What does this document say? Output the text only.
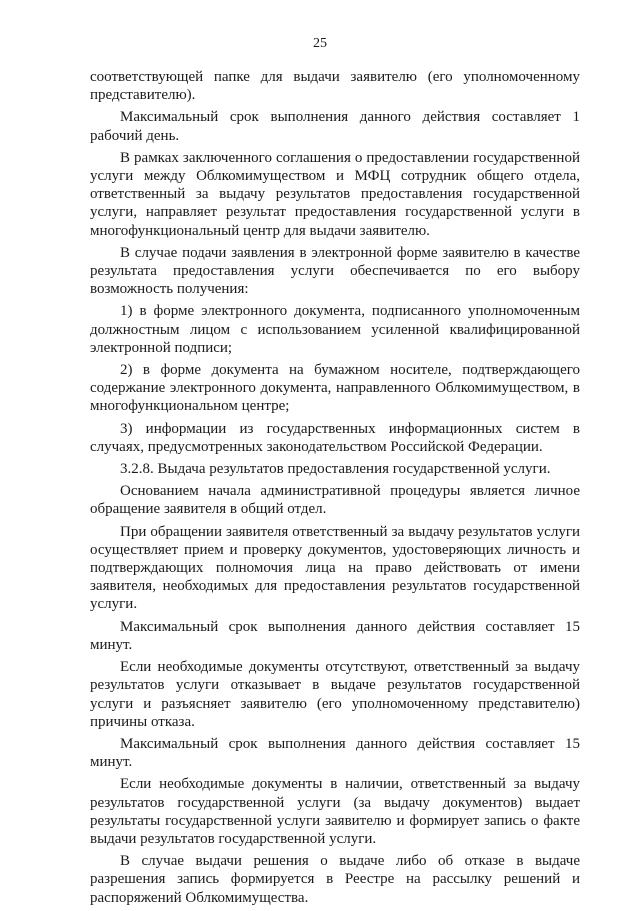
25

соответствующей папке для выдачи заявителю (его уполномоченному представителю).

Максимальный срок выполнения данного действия составляет 1 рабочий день.

В рамках заключенного соглашения о предоставлении государственной услуги между Облкомимуществом и МФЦ сотрудник общего отдела, ответственный за выдачу результатов предоставления государственной услуги, направляет результат предоставления государственной услуги в многофункциональный центр для выдачи заявителю.

В случае подачи заявления в электронной форме заявителю в качестве результата предоставления услуги обеспечивается по его выбору возможность получения:

1) в форме электронного документа, подписанного уполномоченным должностным лицом с использованием усиленной квалифицированной электронной подписи;

2) в форме документа на бумажном носителе, подтверждающего содержание электронного документа, направленного Облкомимуществом, в многофункциональном центре;

3) информации из государственных информационных систем в случаях, предусмотренных законодательством Российской Федерации.

3.2.8. Выдача результатов предоставления государственной услуги.

Основанием начала административной процедуры является личное обращение заявителя в общий отдел.

При обращении заявителя ответственный за выдачу результатов услуги осуществляет прием и проверку документов, удостоверяющих личность и подтверждающих полномочия лица на право действовать от имени заявителя, необходимых для предоставления результатов государственной услуги.

Максимальный срок выполнения данного действия составляет 15 минут.

Если необходимые документы отсутствуют, ответственный за выдачу результатов услуги отказывает в выдаче результатов государственной услуги и разъясняет заявителю (его уполномоченному представителю) причины отказа.

Максимальный срок выполнения данного действия составляет 15 минут.

Если необходимые документы в наличии, ответственный за выдачу результатов государственной услуги (за выдачу документов) выдает результаты государственной услуги заявителю и формирует запись о факте выдачи результатов государственной услуги.

В случае выдачи решения о выдаче либо об отказе в выдаче разрешения запись формируется в Реестре на рассылку решений и распоряжений Облкомимущества.
